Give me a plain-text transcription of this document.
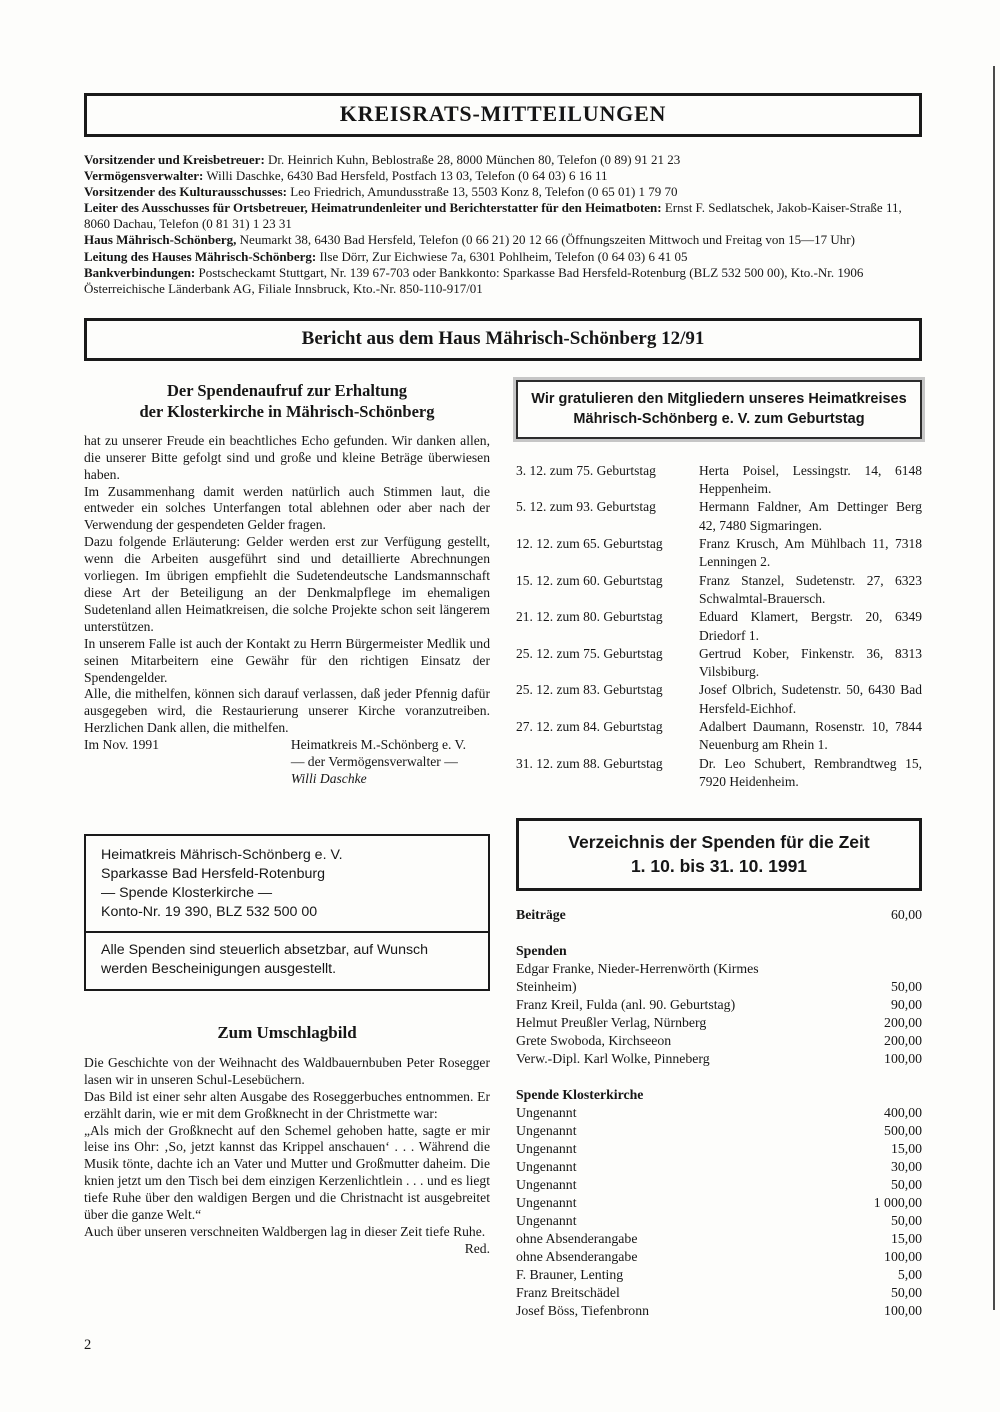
KREISRATS-MITTEILUNGEN

Vorsitzender und Kreisbetreuer: Dr. Heinrich Kuhn, Beblostraße 28, 8000 München 80, Telefon (0 89) 91 21 23

Vermögensverwalter: Willi Daschke, 6430 Bad Hersfeld, Postfach 13 03, Telefon (0 64 03) 6 16 11

Vorsitzender des Kulturausschusses: Leo Friedrich, Amundusstraße 13, 5503 Konz 8, Telefon (0 65 01) 1 79 70

Leiter des Ausschusses für Ortsbetreuer, Heimatrundenleiter und Berichterstatter für den Heimatboten: Ernst F. Sedlatschek, Jakob-Kaiser-Straße 11, 8060 Dachau, Telefon (0 81 31) 1 23 31

Haus Mährisch-Schönberg, Neumarkt 38, 6430 Bad Hersfeld, Telefon (0 66 21) 20 12 66 (Öffnungszeiten Mittwoch und Freitag von 15—17 Uhr)

Leitung des Hauses Mährisch-Schönberg: Ilse Dörr, Zur Eichwiese 7a, 6301 Pohlheim, Telefon (0 64 03) 6 41 05

Bankverbindungen: Postscheckamt Stuttgart, Nr. 139 67-703 oder Bankkonto: Sparkasse Bad Hersfeld-Rotenburg (BLZ 532 500 00), Kto.-Nr. 1906 Österreichische Länderbank AG, Filiale Innsbruck, Kto.-Nr. 850-110-917/01

Bericht aus dem Haus Mährisch-Schönberg 12/91
Der Spendenaufruf zur Erhaltung
der Klosterkirche in Mährisch-Schönberg

hat zu unserer Freude ein beachtliches Echo gefunden. Wir danken allen, die unserer Bitte gefolgt sind und große und kleine Beträge überwiesen haben.

Im Zusammenhang damit werden natürlich auch Stimmen laut, die entweder ein solches Unterfangen total ablehnen oder aber nach der Verwendung der gespendeten Gelder fragen.

Dazu folgende Erläuterung: Gelder werden erst zur Verfügung gestellt, wenn die Arbeiten ausgeführt sind und detaillierte Abrechnungen vorliegen. Im übrigen empfiehlt die Sudetendeutsche Landsmannschaft diese Art der Beteiligung an der Denkmalpflege im ehemaligen Sudetenland allen Heimatkreisen, die solche Projekte schon seit längerem unterstützen.

In unserem Falle ist auch der Kontakt zu Herrn Bürgermeister Medlik und seinen Mitarbeitern eine Gewähr für den richtigen Einsatz der Spendengelder.

Alle, die mithelfen, können sich darauf verlassen, daß jeder Pfennig dafür ausgegeben wird, die Restaurierung unserer Kirche voranzutreiben. Herzlichen Dank allen, die mithelfen.

Im Nov. 1991	Heimatkreis M.-Schönberg e. V.
— der Vermögensverwalter —
Willi Daschke

Heimatkreis Mährisch-Schönberg e. V.

Sparkasse Bad Hersfeld-Rotenburg

— Spende Klosterkirche —

Konto-Nr. 19 390, BLZ 532 500 00

Alle Spenden sind steuerlich absetzbar, auf Wunsch

werden Bescheinigungen ausgestellt.

Zum Umschlagbild

Die Geschichte von der Weihnacht des Waldbauernbuben Peter Rosegger lasen wir in unseren Schul-Lesebüchern.

Das Bild ist einer sehr alten Ausgabe des Roseggerbuches entnommen. Er erzählt darin, wie er mit dem Großknecht in der Christmette war:

„Als mich der Großknecht auf den Schemel gehoben hatte, sagte er mir leise ins Ohr: ‚So, jetzt kannst das Krippel anschauen‘ . . . Während die Musik tönte, dachte ich an Vater und Mutter und Großmutter daheim. Die knien jetzt um den Tisch bei dem einzigen Kerzenlichtlein . . . und es liegt tiefe Ruhe über den waldigen Bergen und die Christnacht ist ausgebreitet über die ganze Welt.“

Auch über unseren verschneiten Waldbergen lag in dieser Zeit tiefe Ruhe.
Red.

Wir gratulieren den Mitgliedern unseres Heimatkreises
Mährisch-Schönberg e. V. zum Geburtstag
3. 12. zum 75. Geburtstag	Herta Poisel, Lessingstr. 14, 6148 Heppenheim.
5. 12. zum 93. Geburtstag	Hermann Faldner, Am Dettinger Berg 42, 7480 Sigmaringen.
12. 12. zum 65. Geburtstag	Franz Krusch, Am Mühlbach 11, 7318 Lenningen 2.
15. 12. zum 60. Geburtstag	Franz Stanzel, Sudetenstr. 27, 6323 Schwalmtal-Brauersch.
21. 12. zum 80. Geburtstag	Eduard Klamert, Bergstr. 20, 6349 Driedorf 1.
25. 12. zum 75. Geburtstag	Gertrud Kober, Finkenstr. 36, 8313 Vilsbiburg.
25. 12. zum 83. Geburtstag	Josef Olbrich, Sudetenstr. 50, 6430 Bad Hersfeld-Eichhof.
27. 12. zum 84. Geburtstag	Adalbert Daumann, Rosenstr. 10, 7844 Neuenburg am Rhein 1.
31. 12. zum 88. Geburtstag	Dr. Leo Schubert, Rembrandtweg 15, 7920 Heidenheim.
Verzeichnis der Spenden für die Zeit
1. 10. bis 31. 10. 1991
Beiträge	60,00
Spenden
Edgar Franke, Nieder-Herrenwörth (Kirmes Steinheim)	50,00
Franz Kreil, Fulda (anl. 90. Geburtstag)	90,00
Helmut Preußler Verlag, Nürnberg	200,00
Grete Swoboda, Kirchseeon	200,00
Verw.-Dipl. Karl Wolke, Pinneberg	100,00
Spende Klosterkirche
Ungenannt	400,00
Ungenannt	500,00
Ungenannt	15,00
Ungenannt	30,00
Ungenannt	50,00
Ungenannt	1 000,00
Ungenannt	50,00
ohne Absenderangabe	15,00
ohne Absenderangabe	100,00
F. Brauner, Lenting	5,00
Franz Breitschädel	50,00
Josef Böss, Tiefenbronn	100,00
2
